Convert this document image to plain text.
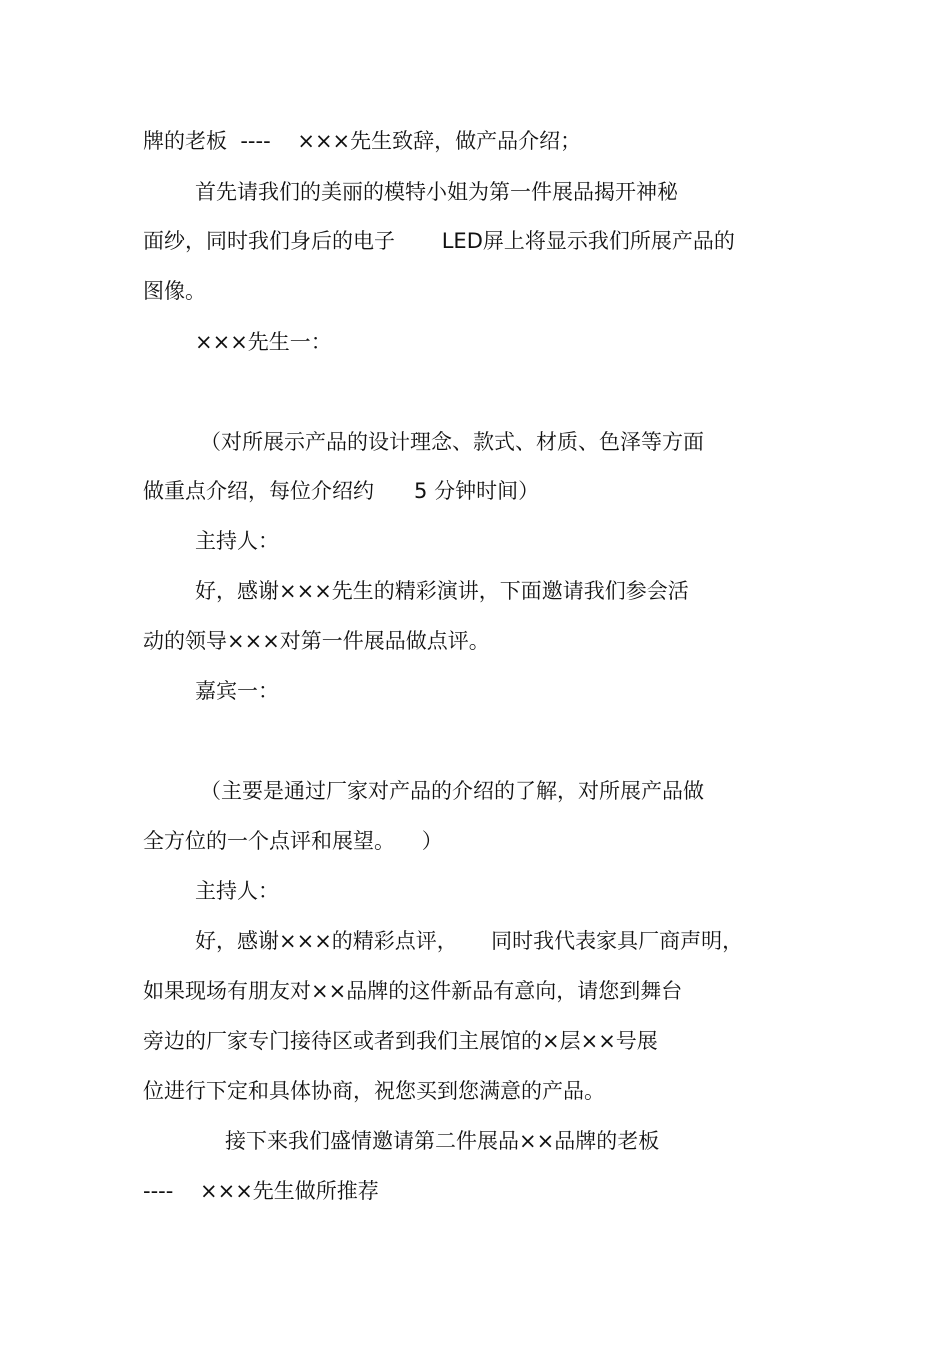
牌的老板  ----    ×××先生致辞，做产品介绍；
首先请我们的美丽的模特小姐为第一件展品揭开神秘
面纱，同时我们身后的电子       LED屏上将显示我们所展产品的
图像。
×××先生一：
（对所展示产品的设计理念、款式、材质、色泽等方面
做重点介绍，每位介绍约      5 分钟时间）
主持人：
好，感谢×××先生的精彩演讲，下面邀请我们参会活
动的领导×××对第一件展品做点评。
嘉宾一：
（主要是通过厂家对产品的介绍的了解，对所展产品做
全方位的一个点评和展望。    ）
主持人：
好，感谢×××的精彩点评，     同时我代表家具厂商声明，
如果现场有朋友对××品牌的这件新品有意向，请您到舞台
旁边的厂家专门接待区或者到我们主展馆的×层××号展
位进行下定和具体协商，祝您买到您满意的产品。
接下来我们盛情邀请第二件展品××品牌的老板
----    ×××先生做所推荐
